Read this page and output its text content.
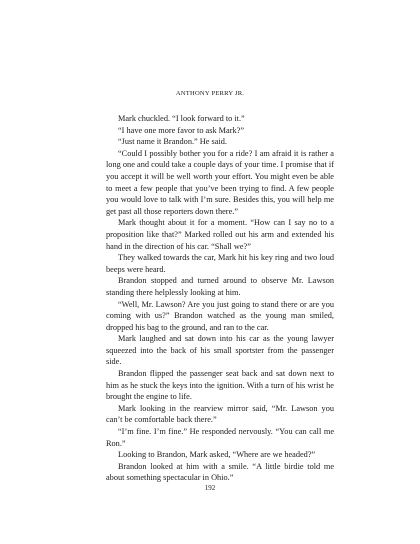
ANTHONY PERRY JR.

Mark chuckled. “I look forward to it.”

“I have one more favor to ask Mark?”

“Just name it Brandon.” He said.

“Could I possibly bother you for a ride? I am afraid it is rather a long one and could take a couple days of your time. I promise that if you accept it will be well worth your effort. You might even be able to meet a few people that you’ve been trying to find. A few people you would love to talk with I’m sure. Besides this, you will help me get past all those reporters down there.”

Mark thought about it for a moment. “How can I say no to a proposition like that?” Marked rolled out his arm and extended his hand in the direction of his car. “Shall we?”

They walked towards the car, Mark hit his key ring and two loud beeps were heard.

Brandon stopped and turned around to observe Mr. Lawson standing there helplessly looking at him.

“Well, Mr. Lawson? Are you just going to stand there or are you coming with us?” Brandon watched as the young man smiled, dropped his bag to the ground, and ran to the car.

Mark laughed and sat down into his car as the young lawyer squeezed into the back of his small sportster from the passenger side.

Brandon flipped the passenger seat back and sat down next to him as he stuck the keys into the ignition. With a turn of his wrist he brought the engine to life.

Mark looking in the rearview mirror said, “Mr. Lawson you can’t be comfortable back there.”

“I’m fine. I’m fine.” He responded nervously. “You can call me Ron.”

Looking to Brandon, Mark asked, “Where are we headed?”

Brandon looked at him with a smile. “A little birdie told me about something spectacular in Ohio.”

192
